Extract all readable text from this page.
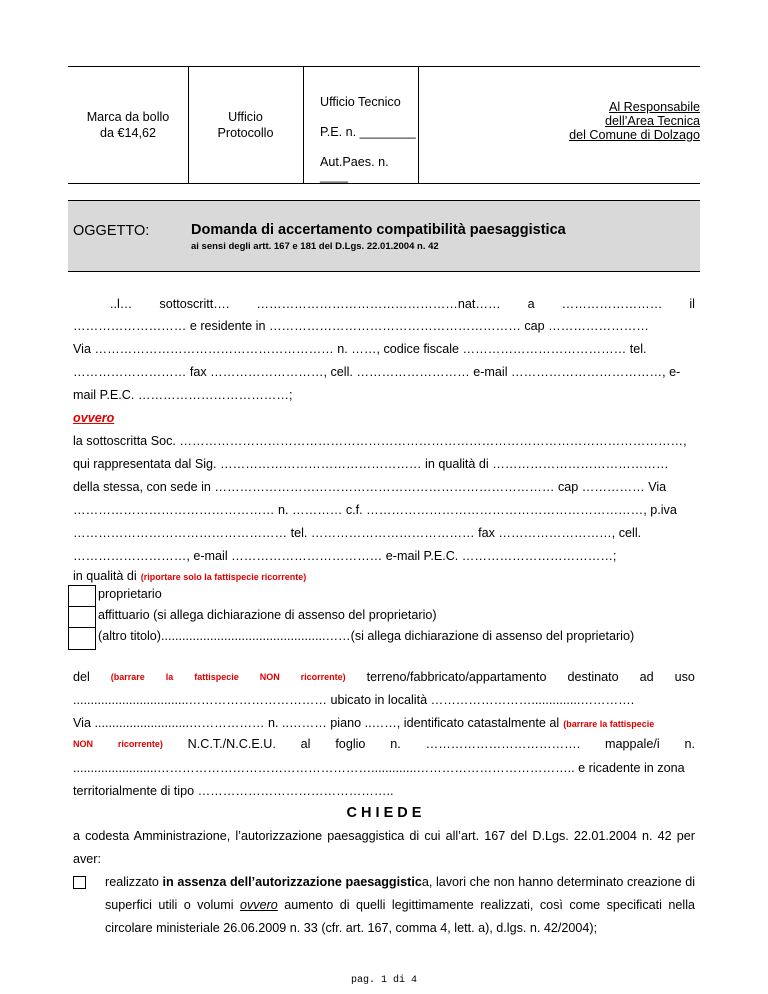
Marca da bollo
da €14,62
Ufficio
Protocollo
Ufficio Tecnico
P.E. n. ________
Aut.Paes. n. ____
Al Responsabile
dell’Area Tecnica
del Comune di Dolzago
OGGETTO:	Domanda di accertamento compatibilità paesaggistica
ai sensi degli artt. 167 e 181 del D.Lgs. 22.01.2004 n. 42
..l… sottoscritt…. …………………………………………nat…… a …………………… il
……………………… e residente in …………………………………………………… cap ……………………
Via ………………………………………………… n. ……, codice fiscale ………………………………… tel.
……………………… fax ………………………, cell. ……………………… e-mail ………………………………, e-
mail P.E.C. ………………………………;
ovvero
la sottoscritta Soc. …………………………………………………………………………………………………………,
qui rappresentata dal Sig. ………………………………………… in qualità di ……………………………………
della stessa, con sede in ……………………………………………………………………… cap …………… Via
………………………………………… n. ………… c.f. …………………………………………………………, p.iva
…………………………………………… tel. ………………………………… fax ………………………, cell.
………………………, e-mail ……………………………… e-mail P.E.C. ………………………………;
in qualità di (riportare solo la fattispecie ricorrente)
proprietario
affittuario (si allega dichiarazione di assenso del proprietario)
(altro titolo)...............................................……(si allega dichiarazione di assenso del proprietario)
del (barrare la fattispecie NON ricorrente) terreno/fabbricato/appartamento destinato ad uso
.................................…………………………… ubicato in località ……………………..............………….
Via ...........................……………… n. ..……… piano ..……, identificato catastalmente al (barrare la fattispecie
NON	ricorrente) N.C.T./N.C.E.U. al foglio n. ………………………………. mappale/i n.
........................…………………………………………….............……………………………….. e ricadente in zona
territorialmente di tipo ………………………………………..
C H I E D E
a codesta Amministrazione, l’autorizzazione paesaggistica di cui all’art. 167 del D.Lgs. 22.01.2004 n. 42 per aver:
realizzato in assenza dell’autorizzazione paesaggistica, lavori che non hanno determinato creazione di superfici utili o volumi ovvero aumento di quelli legittimamente realizzati, così come specificati nella circolare ministeriale 26.06.2009 n. 33 (cfr. art. 167, comma 4, lett. a), d.lgs. n. 42/2004);
pag. 1 di 4
